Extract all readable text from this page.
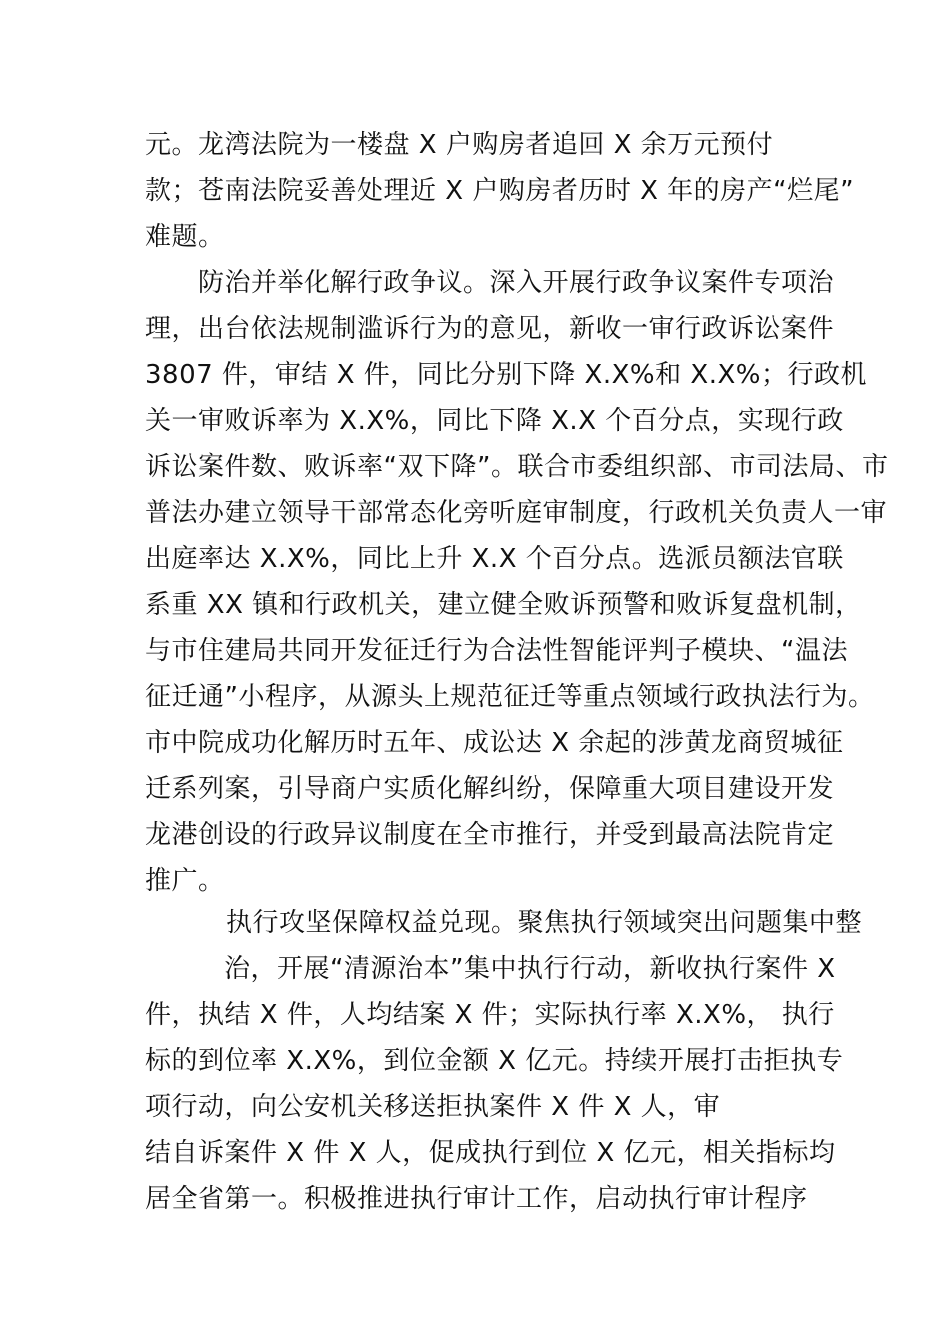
元。龙湾法院为一楼盘 X 户购房者追回 X 余万元预付
款；苍南法院妥善处理近 X 户购房者历时 X 年的房产“烂尾”
难题。
防治并举化解行政争议。深入开展行政争议案件专项治
理，出台依法规制滥诉行为的意见，新收一审行政诉讼案件
3807 件，审结 X 件，同比分别下降 X.X%和 X.X%；行政机
关一审败诉率为 X.X%，同比下降 X.X 个百分点，实现行政
诉讼案件数、败诉率“双下降”。联合市委组织部、市司法局、市
普法办建立领导干部常态化旁听庭审制度，行政机关负责人一审
出庭率达 X.X%，同比上升 X.X 个百分点。选派员额法官联
系重 XX 镇和行政机关，建立健全败诉预警和败诉复盘机制，
与市住建局共同开发征迁行为合法性智能评判子模块、“温法
征迁通”小程序，从源头上规范征迁等重点领域行政执法行为。
市中院成功化解历时五年、成讼达 X 余起的涉黄龙商贸城征
迁系列案，引导商户实质化解纠纷，保障重大项目建设开发
龙港创设的行政异议制度在全市推行，并受到最高法院肯定
推广。
执行攻坚保障权益兑现。聚焦执行领域突出问题集中整
治，开展“清源治本”集中执行行动，新收执行案件 X
件，执结 X 件，人均结案 X 件；实际执行率 X.X%， 执行
标的到位率 X.X%，到位金额 X 亿元。持续开展打击拒执专
项行动，向公安机关移送拒执案件 X 件 X 人，审
结自诉案件 X 件 X 人，促成执行到位 X 亿元，相关指标均
居全省第一。积极推进执行审计工作，启动执行审计程序
